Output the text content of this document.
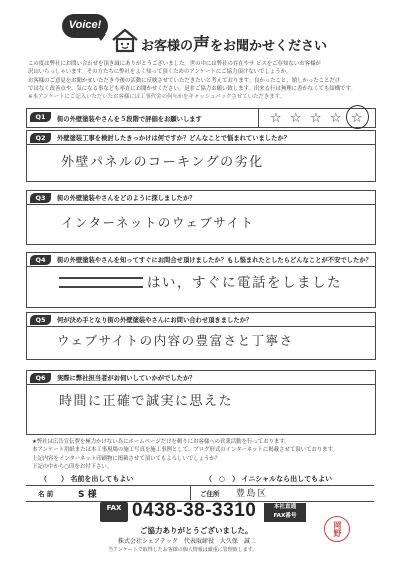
Voice!
お客様の声をお聞かせください
この度は弊社にお問い合わせを頂き誠にありがとうございました。世の中には弊社の存在やサ ビスをご存知ないお客様が
沢山いらっしゃいます。その方たちに弊社をよく知って頂くためのアンケートにご協力頂けないでしょうか。
お客様のご意見をお聞かせいただき今後の活動に反映させていただきたいと考えております。良かったこと、嬉しかったことだけ
ではなく改善点や、気になる事なども率直にお聞かせください。是非ご協力お願い致します。出来る行は無理に書かなくても結構です。
※本アンケートにご記入いただいたお客様には工事代金の何％かをキャッシュバックさせていただきます。
Q1	街の外壁塗装やさんを５段階で評価をお願いします	☆ ☆ ☆ ☆ ☆
Q2	外壁塗装工事を検討したきっかけは何ですか？どんなことで悩まれていましたか？
外壁パネルのコーキングの劣化
Q3	街の外壁塗装やさんをどのように探しましたか？
インターネットのウェブサイト
Q4	街の外壁塗装やさんを知ってすぐにお問合せ頂けましたか？もし悩まれたとしたらどんなことが不安でしたか？
はい，すぐに電話をしました
Q5	何が決め手となり街の外壁塗装やさんにお問い合わせ頂きましたか？
ウェブサイトの内容の豊富さと丁寧さ
Q6	実際に弊社担当者がお伺いしていかがでしたか？
時間に正確で誠実に思えた
★弊社は広告宣伝費を極力かけない為にホームページだけを頼りにお客様への営業活動を行っております。
本アンケート用紙または本工事現場の施工写真を施工事例として、ブログ形式のインターネットに掲載させて頂いております。
上記内容をインターネット印刷物に掲載させて頂いてもよろしいでしょうか？
下記の中から○印をお付下さい。
（　　） 名前を出してもよい	（　○　） イニシャルなら出してもよい
名 前	S 様	ご住所 豊島区
FAX 0438-38-3310	本社直通
FAX番号
ご協力ありがとうございました。
株式会社シェアテック　代表取締役　大久保　誠二
当アンケートで取得したお客様の個人情報は厳重に管理致します。
岡野
